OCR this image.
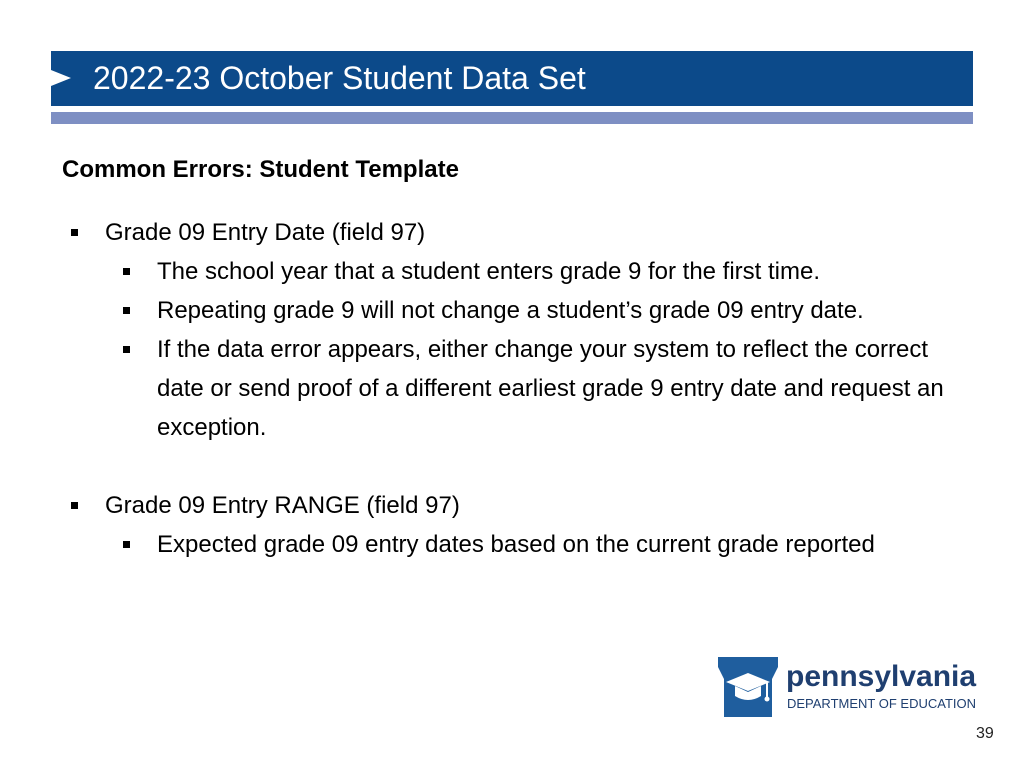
2022-23 October Student Data Set
Common Errors: Student Template
Grade 09 Entry Date (field 97)
The school year that a student enters grade 9 for the first time.
Repeating grade 9 will not change a student’s grade 09 entry date.
If the data error appears, either change your system to reflect the correct date or send proof of a different earliest grade 9 entry date and request an exception.
Grade 09 Entry RANGE (field 97)
Expected grade 09 entry dates based on the current grade reported
pennsylvania
DEPARTMENT OF EDUCATION
39
